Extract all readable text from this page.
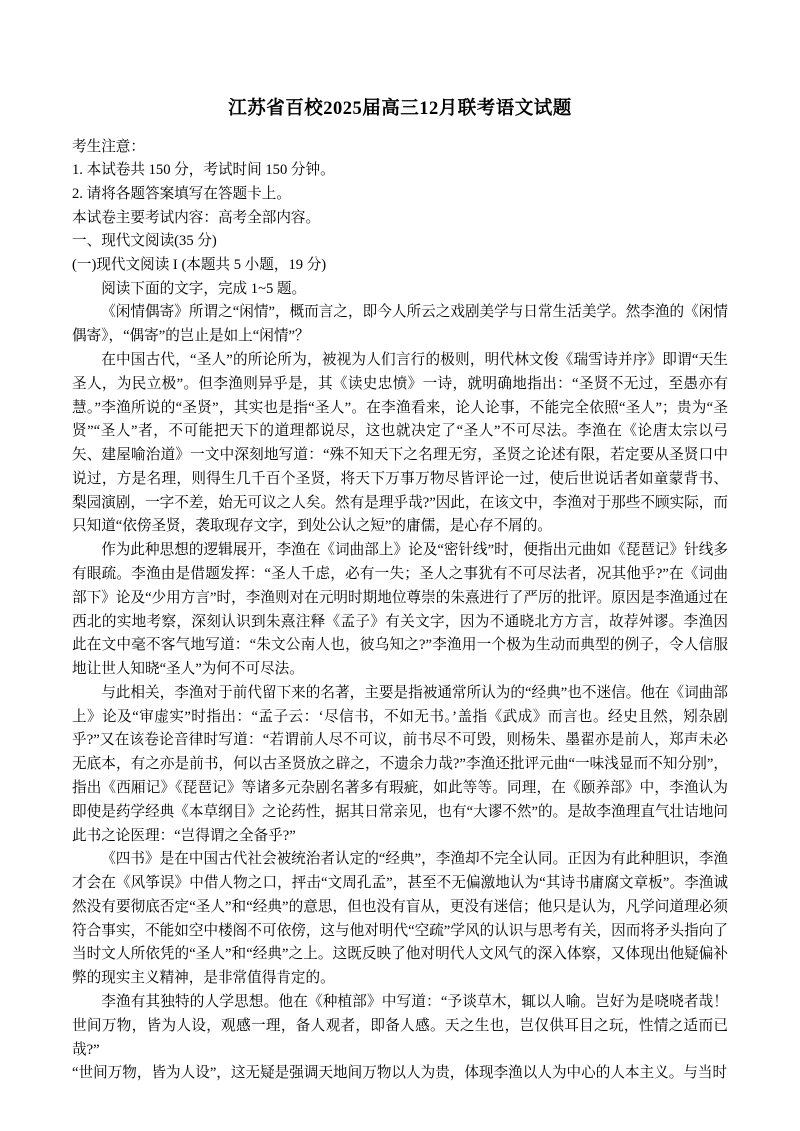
江苏省百校2025届高三12月联考语文试题

考生注意：

1. 本试卷共 150 分，考试时间 150 分钟。

2. 请将各题答案填写在答题卡上。

本试卷主要考试内容：高考全部内容。

一、现代文阅读(35 分)

(一)现代文阅读 I (本题共 5 小题，19 分)

阅读下面的文字，完成 1~5 题。

《闲情偶寄》所谓之“闲情”，概而言之，即今人所云之戏剧美学与日常生活美学。然李渔的《闲情偶寄》，“偶寄”的岂止是如上“闲情”？

在中国古代，“圣人”的所论所为，被视为人们言行的极则，明代林文俊《瑞雪诗并序》即谓“天生圣人，为民立极”。但李渔则异乎是，其《读史忠愤》一诗，就明确地指出：“圣贤不无过，至愚亦有慧。”李渔所说的“圣贤”，其实也是指“圣人”。在李渔看来，论人论事，不能完全依照“圣人”；贵为“圣贤”“圣人”者，不可能把天下的道理都说尽，这也就决定了“圣人”不可尽法。李渔在《论唐太宗以弓矢、建屋喻治道》一文中深刻地写道：“殊不知天下之名理无穷，圣贤之论述有限，若定要从圣贤口中说过，方是名理，则得生几千百个圣贤，将天下万事万物尽皆评论一过，使后世说话者如童蒙背书、梨园演剧，一字不差，始无可议之人矣。然有是理乎哉?”因此，在该文中，李渔对于那些不顾实际，而只知道“依傍圣贤，袭取现存文字，到处公认之短”的庸儒，是心存不屑的。

作为此种思想的逻辑展开，李渔在《词曲部上》论及“密针线”时，便指出元曲如《琵琶记》针线多有眼疏。李渔由是借题发挥：“圣人千虑，必有一失；圣人之事犹有不可尽法者，况其他乎?”在《词曲部下》论及“少用方言”时，李渔则对在元明时期地位尊崇的朱熹进行了严厉的批评。原因是李渔通过在西北的实地考察，深刻认识到朱熹注释《孟子》有关文字，因为不通晓北方方言，故荐舛谬。李渔因此在文中毫不客气地写道：“朱文公南人也，彼乌知之?”李渔用一个极为生动而典型的例子，令人信服地让世人知晓“圣人”为何不可尽法。

与此相关，李渔对于前代留下来的名著，主要是指被通常所认为的“经典”也不迷信。他在《词曲部上》论及“审虚实”时指出：“孟子云：‘尽信书，不如无书。’盖指《武成》而言也。经史且然，矧杂剧乎?”又在该卷论音律时写道：“若谓前人尽不可议，前书尽不可毁，则杨朱、墨翟亦是前人，郑声未必无底本，有之亦是前书，何以古圣贤放之辟之，不遗余力哉?”李渔还批评元曲“一味浅显而不知分别”，指出《西厢记》《琵琶记》等诸多元杂剧名著多有瑕疵，如此等等。同理，在《颐养部》中，李渔认为即使是药学经典《本草纲目》之论药性，据其日常亲见，也有“大谬不然”的。是故李渔理直气壮诘地问此书之论医理：“岂得谓之全备乎?”

《四书》是在中国古代社会被统治者认定的“经典”，李渔却不完全认同。正因为有此种胆识，李渔才会在《风筝误》中借人物之口，抨击“文周孔孟”，甚至不无偏激地认为“其诗书庸腐文章板”。李渔诚然没有要彻底否定“圣人”和“经典”的意思，但也没有盲从，更没有迷信；他只是认为，凡学问道理必须符合事实，不能如空中楼阁不可依傍，这与他对明代“空疏”学风的认识与思考有关，因而将矛头指向了当时文人所依凭的“圣人”和“经典”之上。这既反映了他对明代人文风气的深入体察，又体现出他疑偏补弊的现实主义精神，是非常值得肯定的。

李渔有其独特的人学思想。他在《种植部》中写道：“予谈草木，辄以人喻。岂好为是哓哓者哉！世间万物，皆为人设，观感一理，备人观者，即备人感。天之生也，岂仅供耳目之玩，性情之适而已哉?”

“世间万物，皆为人设”，这无疑是强调天地间万物以人为贵，体现李渔以人为中心的人本主义。与当时
